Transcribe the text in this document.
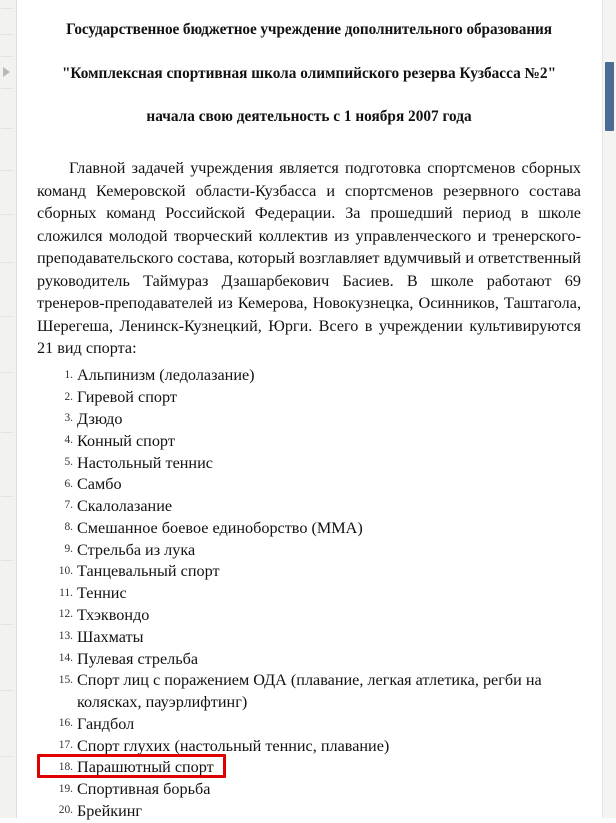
Государственное бюджетное учреждение дополнительного образования
"Комплексная спортивная школа олимпийского резерва Кузбасса №2"
начала свою деятельность с 1 ноября 2007 года

Главной задачей учреждения является подготовка спортсменов сборных команд Кемеровской области-Кузбасса и спортсменов резервного состава сборных команд Российской Федерации. За прошедший период в школе сложился молодой творческий коллектив из управленческого и тренерского-преподавательского состава, который возглавляет вдумчивый и ответственный руководитель Таймураз Дзашарбекович Басиев. В школе работают 69 тренеров-преподавателей из Кемерова, Новокузнецка, Осинников, Таштагола, Шерегеша, Ленинск-Кузнецкий, Юрги. Всего в учреждении культивируются 21 вид спорта:

Альпинизм (ледолазание)
Гиревой спорт
Дзюдо
Конный спорт
Настольный теннис
Самбо
Скалолазание
Смешанное боевое единоборство (ММА)
Стрельба из лука
Танцевальный спорт
Теннис
Тхэквондо
Шахматы
Пулевая стрельба
Спорт лиц с поражением ОДА (плавание, легкая атлетика, регби на колясках, пауэрлифтинг)
Гандбол
Спорт глухих (настольный теннис, плавание)
Парашютный спорт
Спортивная борьба
Брейкинг
